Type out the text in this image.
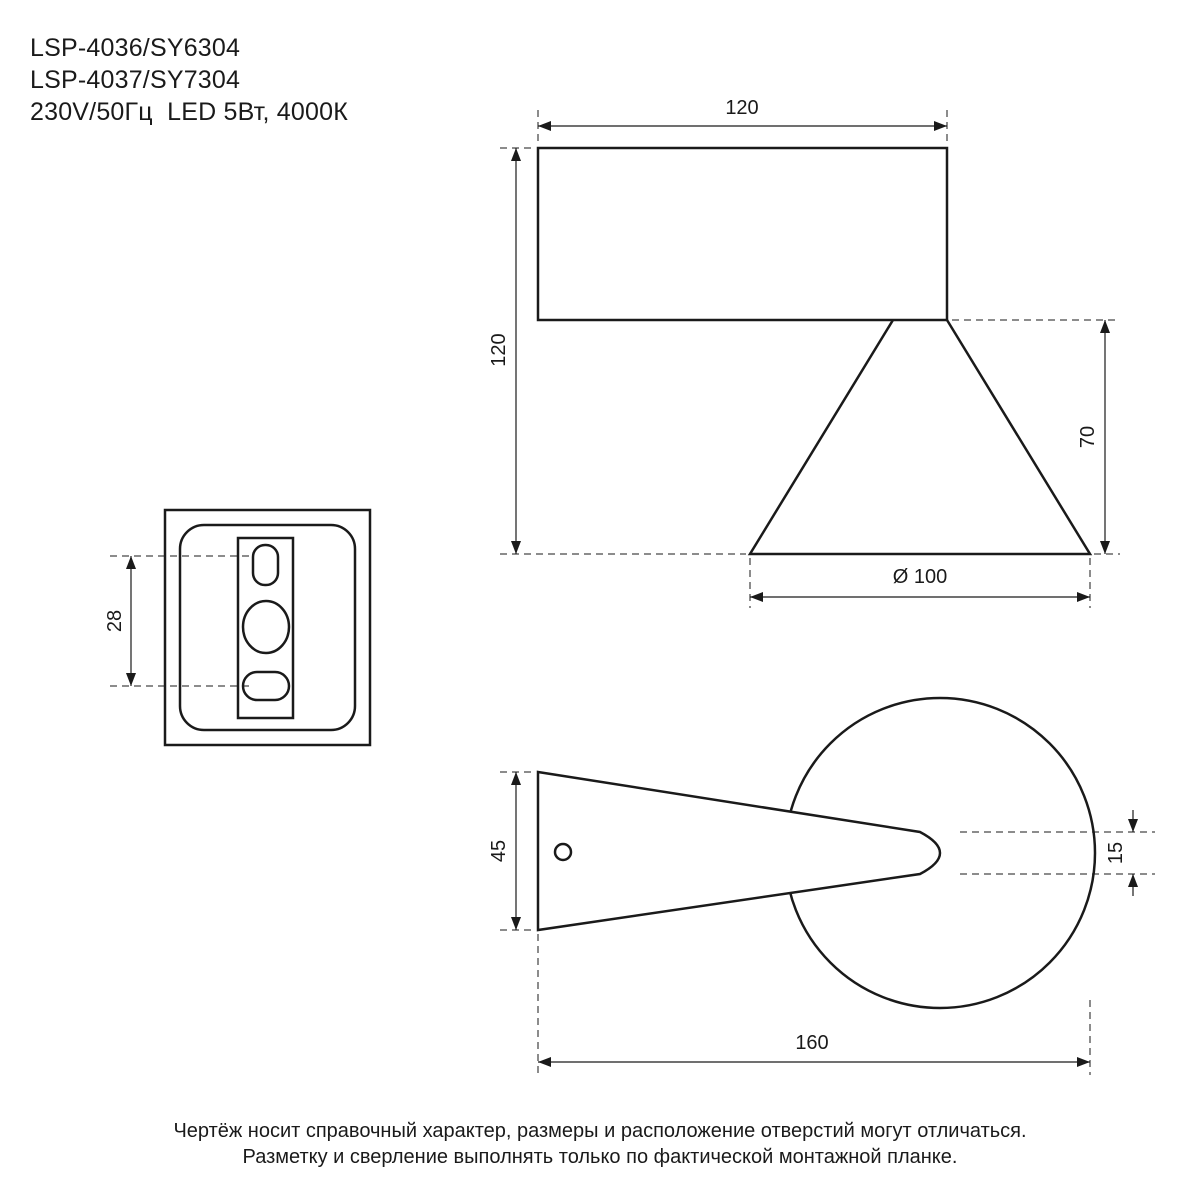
LSP-4036/SY6304
LSP-4037/SY7304
230V/50Гц  LED 5Вт, 4000К
28
120
120
70
Ø 100
45	15
160
Чертёж носит справочный характер, размеры и расположение отверстий могут отличаться.
Разметку и сверление выполнять только по фактической монтажной планке.
